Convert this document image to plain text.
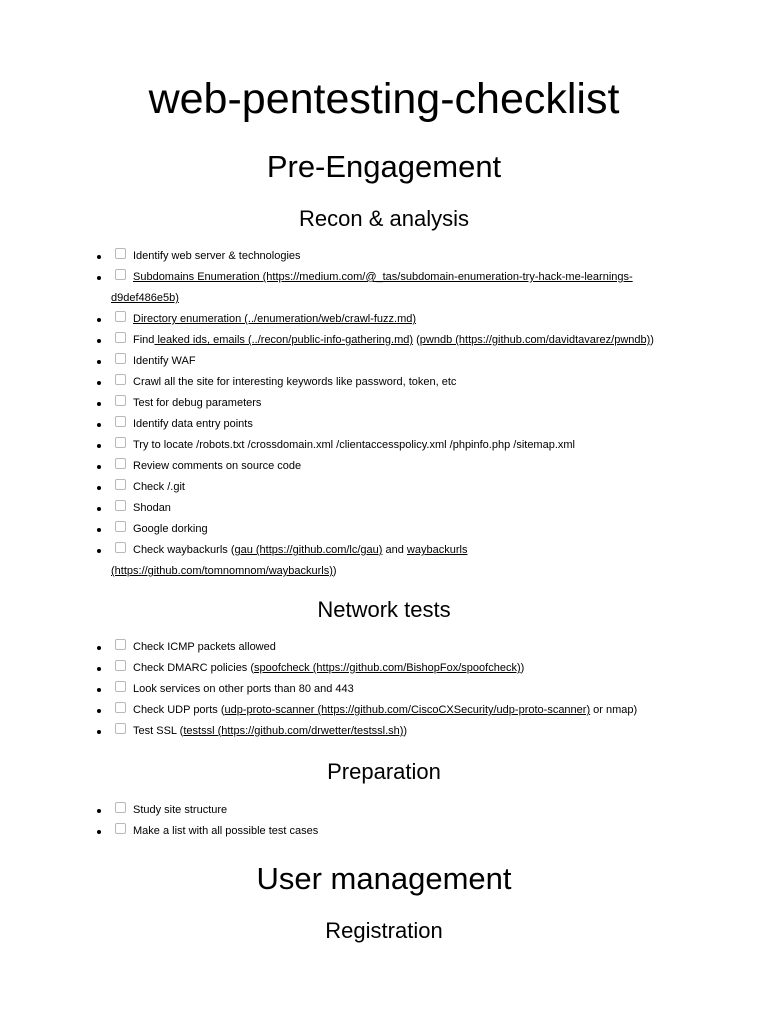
web-pentesting-checklist
Pre-Engagement
Recon & analysis
Identify web server & technologies
Subdomains Enumeration (https://medium.com/@_tas/subdomain-enumeration-try-hack-me-learnings-d9def486e5b)
Directory enumeration (../enumeration/web/crawl-fuzz.md)
Find leaked ids, emails (../recon/public-info-gathering.md) (pwndb (https://github.com/davidtavarez/pwndb))
Identify WAF
Crawl all the site for interesting keywords like password, token, etc
Test for debug parameters
Identify data entry points
Try to locate /robots.txt /crossdomain.xml /clientaccesspolicy.xml /phpinfo.php /sitemap.xml
Review comments on source code
Check /.git
Shodan
Google dorking
Check waybackurls (gau (https://github.com/lc/gau) and waybackurls (https://github.com/tomnomnom/waybackurls))
Network tests
Check ICMP packets allowed
Check DMARC policies (spoofcheck (https://github.com/BishopFox/spoofcheck))
Look services on other ports than 80 and 443
Check UDP ports (udp-proto-scanner (https://github.com/CiscoCXSecurity/udp-proto-scanner) or nmap)
Test SSL (testssl (https://github.com/drwetter/testssl.sh))
Preparation
Study site structure
Make a list with all possible test cases
User management
Registration
